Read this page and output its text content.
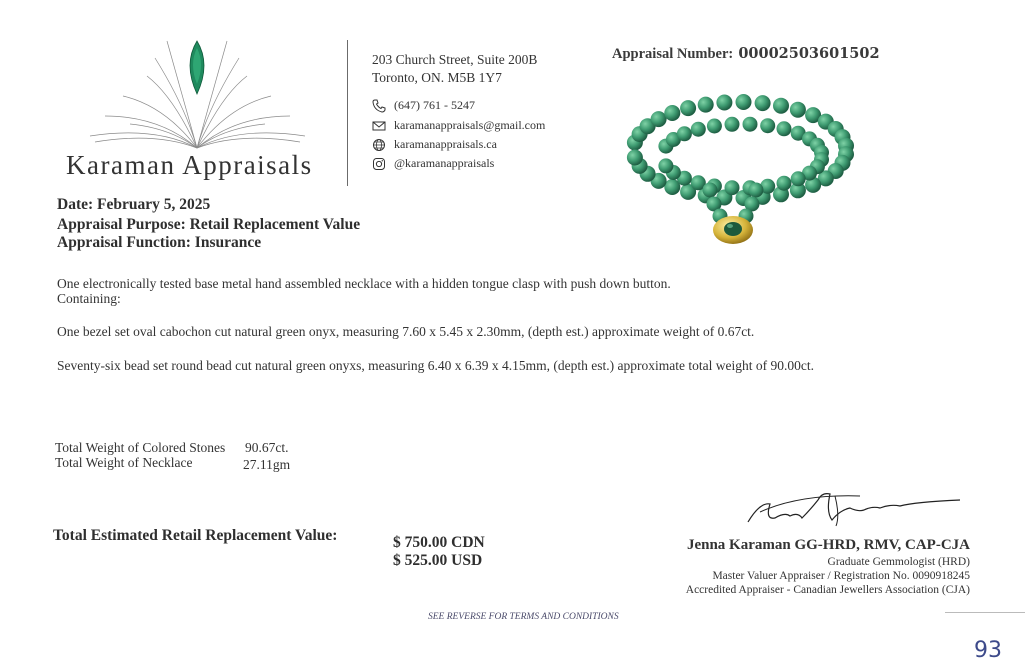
Karaman Appraisals
203 Church Street, Suite 200B
Toronto, ON. M5B 1Y7
(647) 761 - 5247
karamanappraisals@gmail.com
karamanappraisals.ca
@karamanappraisals
Appraisal Number: 00002503601502
Date: February 5, 2025
Appraisal Purpose: Retail Replacement Value
Appraisal Function: Insurance
One electronically tested base metal hand assembled necklace with a hidden tongue clasp with push down button.
Containing:
One bezel set oval cabochon cut natural green onyx, measuring 7.60 x 5.45 x 2.30mm, (depth est.) approximate weight of 0.67ct.
Seventy-six bead set round bead cut natural green onyxs, measuring 6.40 x 6.39 x 4.15mm, (depth est.) approximate total weight of 90.00ct.
Total Weight of Colored Stones 90.67ct.
Total Weight of Necklace	27.11gm
Total Estimated Retail Replacement Value:	$ 750.00 CDN
$ 525.00 USD
Jenna Karaman GG-HRD, RMV, CAP-CJA
Graduate Gemmologist (HRD)
Master Valuer Appraiser / Registration No. 0090918245
Accredited Appraiser - Canadian Jewellers Association (CJA)
SEE REVERSE FOR TERMS AND CONDITIONS
93
